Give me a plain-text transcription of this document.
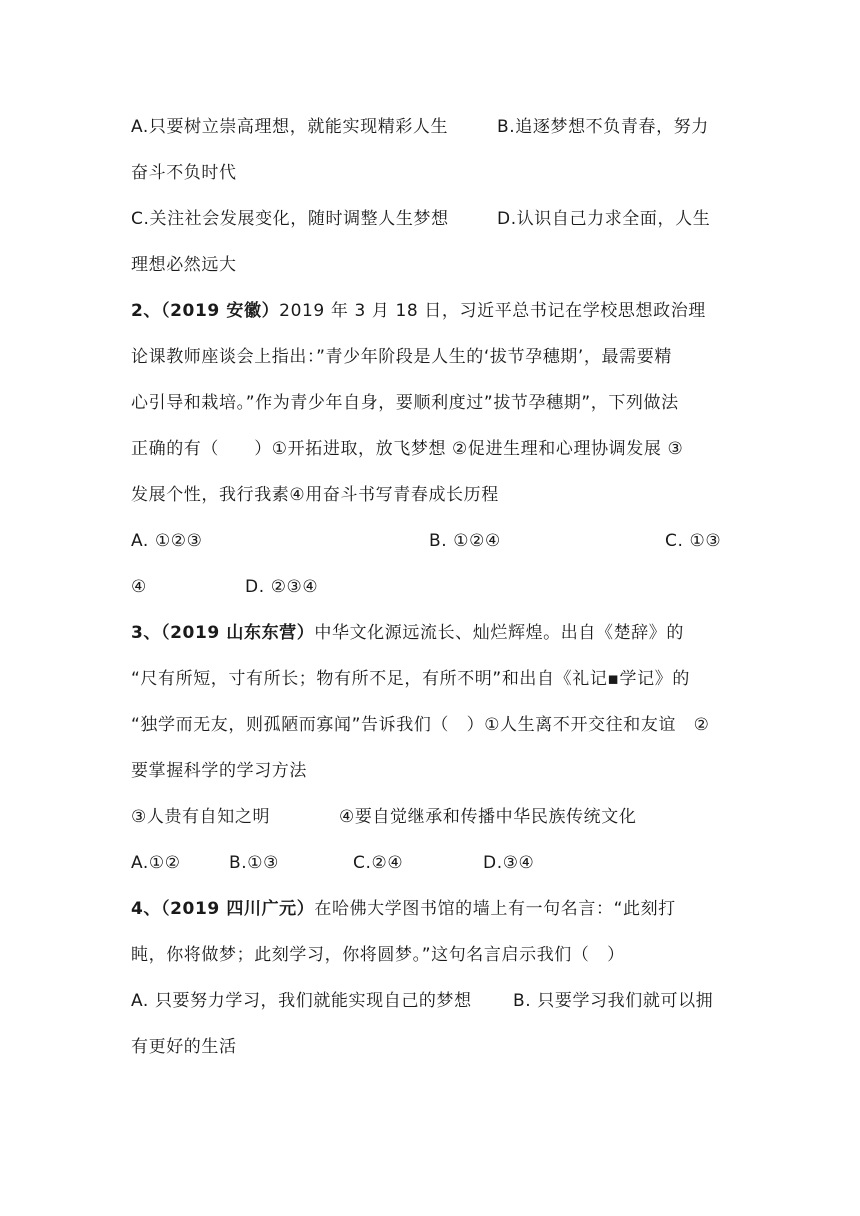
A.只要树立崇高理想，就能实现精彩人生	B.追逐梦想不负青春，努力
奋斗不负时代
C.关注社会发展变化，随时调整人生梦想	D.认识自己力求全面，人生
理想必然远大
2、（2019 安徽）2019 年 3 月 18 日，习近平总书记在学校思想政治理
论课教师座谈会上指出：”青少年阶段是人生的‘拔节孕穗期’，最需要精
心引导和栽培。”作为青少年自身，要顺利度过”拔节孕穗期”，下列做法
正确的有（　　）①开拓进取，放飞梦想 ②促进生理和心理协调发展 ③
发展个性，我行我素④用奋斗书写青春成长历程
A. ①②③	B. ①②④	C. ①③
④	D. ②③④
3、（2019 山东东营）中华文化源远流长、灿烂辉煌。出自《楚辞》的
“尺有所短，寸有所长；物有所不足，有所不明”和出自《礼记▪学记》的
“独学而无友，则孤陋而寡闻”告诉我们（　）①人生离不开交往和友谊　②
要掌握科学的学习方法
③人贵有自知之明	④要自觉继承和传播中华民族传统文化
A.①②	B.①③	C.②④	D.③④
4、（2019 四川广元）在哈佛大学图书馆的墙上有一句名言：“此刻打
盹，你将做梦；此刻学习，你将圆梦。”这句名言启示我们（　）
A. 只要努力学习，我们就能实现自己的梦想 B. 只要学习我们就可以拥
有更好的生活
